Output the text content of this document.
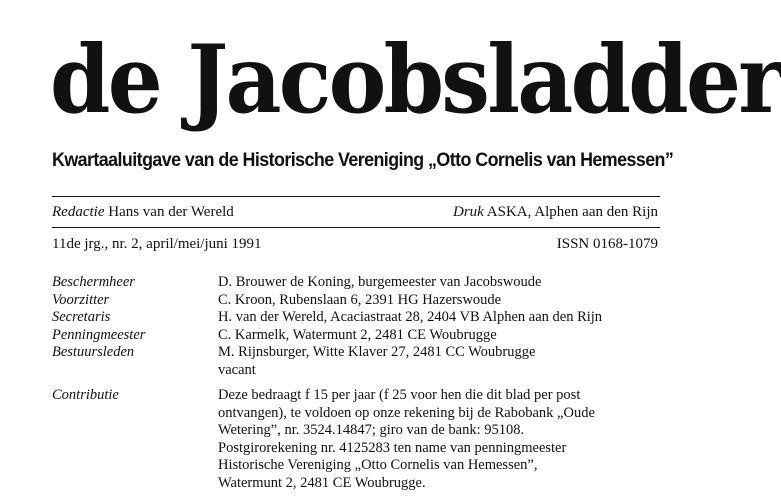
de Jacobsladder
Kwartaaluitgave van de Historische Vereniging „Otto Cornelis van Hemessen”
Redactie Hans van der Wereld	Druk ASKA, Alphen aan den Rijn
11de jrg., nr. 2, april/mei/juni 1991	ISSN 0168-1079
Beschermheer	D. Brouwer de Koning, burgemeester van Jacobswoude
Voorzitter	C. Kroon, Rubenslaan 6, 2391 HG Hazerswoude
Secretaris	H. van der Wereld, Acaciastraat 28, 2404 VB Alphen aan den Rijn
Penningmeester	C. Karmelk, Watermunt 2, 2481 CE Woubrugge
Bestuursleden	M. Rijnsburger, Witte Klaver 27, 2481 CC Woubrugge
vacant
Contributie	Deze bedraagt f 15 per jaar (f 25 voor hen die dit blad per post
ontvangen), te voldoen op onze rekening bij de Rabobank „Oude
Wetering”, nr. 3524.14847; giro van de bank: 95108.
Postgirorekening nr. 4125283 ten name van penningmeester
Historische Vereniging „Otto Cornelis van Hemessen”,
Watermunt 2, 2481 CE Woubrugge.
